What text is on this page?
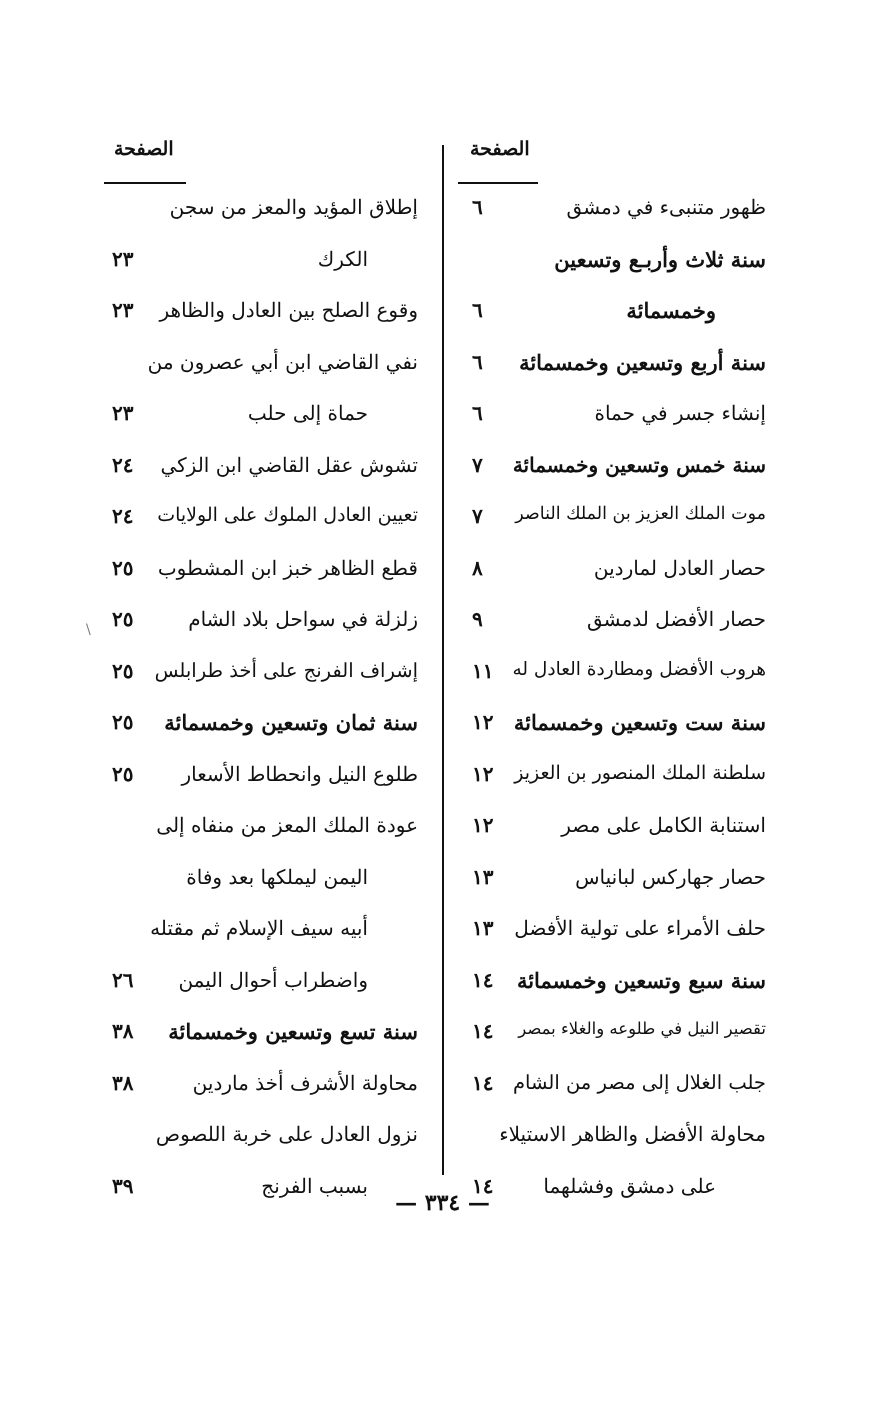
الصفحة
الصفحة
ظهور متنبىء في دمشق
٦
سنة ثلاث وأربـع وتسعين
وخمسمائة
٦
سنة أربع وتسعين وخمسمائة
٦
إنشاء جسر في حماة
٦
سنة خمس وتسعين وخمسمائة
٧
موت الملك العزيز بن الملك الناصر
٧
حصار العادل لماردين
٨
حصار الأفضل لدمشق
٩
هروب الأفضل ومطاردة العادل له
١١
سنة ست وتسعين وخمسمائة
١٢
سلطنة الملك المنصور بن العزيز
١٢
استنابة الكامل على مصر
١٢
حصار جهاركس لبانياس
١٣
حلف الأمراء على تولية الأفضل
١٣
سنة سبع وتسعين وخمسمائة
١٤
تقصير النيل في طلوعه والغلاء بمصر
١٤
جلب الغلال إلى مصر من الشام
١٤
محاولة الأفضل والظاهر الاستيلاء
على دمشق وفشلهما
١٤
إطلاق المؤيد والمعز من سجن
الكرك
٢٣
وقوع الصلح بين العادل والظاهر
٢٣
نفي القاضي ابن أبي عصرون من
حماة إلى حلب
٢٣
تشوش عقل القاضي ابن الزكي
٢٤
تعيين العادل الملوك على الولايات
٢٤
قطع الظاهر خبز ابن المشطوب
٢٥
زلزلة في سواحل بلاد الشام
٢٥
إشراف الفرنج على أخذ طرابلس
٢٥
سنة ثمان وتسعين وخمسمائة
٢٥
طلوع النيل وانحطاط الأسعار
٢٥
عودة الملك المعز من منفاه إلى
اليمن ليملكها بعد وفاة
أبيه سيف الإسلام ثم مقتله
واضطراب أحوال اليمن
٢٦
سنة تسع وتسعين وخمسمائة
٣٨
محاولة الأشرف أخذ ماردين
٣٨
نزول العادل على خربة اللصوص
بسبب الفرنج
٣٩
\
— ٣٣٤ —
